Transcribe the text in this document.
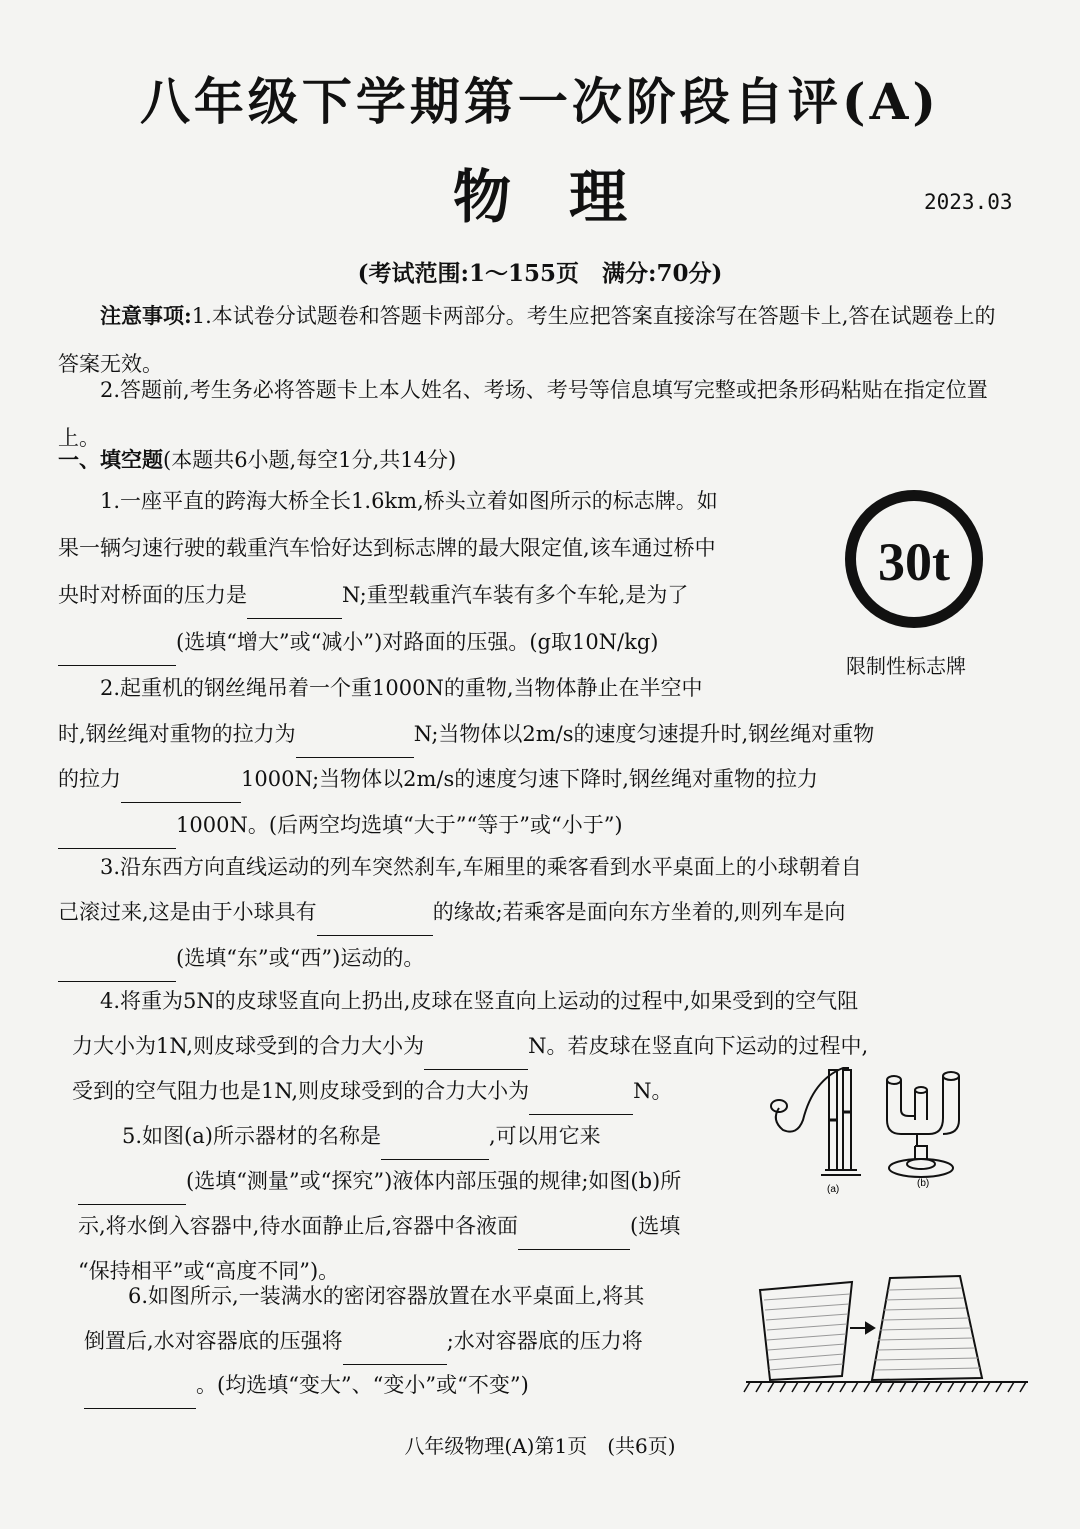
八年级下学期第一次阶段自评(A)
物　理	2023.03
(考试范围:1～155页　满分:70分)
注意事项:1.本试卷分试题卷和答题卡两部分。考生应把答案直接涂写在答题卡上,答在试题卷上的答案无效。
2.答题前,考生务必将答题卡上本人姓名、考场、考号等信息填写完整或把条形码粘贴在指定位置上。
一、填空题(本题共6小题,每空1分,共14分)
1.一座平直的跨海大桥全长1.6km,桥头立着如图所示的标志牌。如
果一辆匀速行驶的载重汽车恰好达到标志牌的最大限定值,该车通过桥中
央时对桥面的压力是	N;重型载重汽车装有多个车轮,是为了
(选填“增大”或“减小”)对路面的压强。(g取10N/kg)
30t
限制性标志牌
2.起重机的钢丝绳吊着一个重1000N的重物,当物体静止在半空中
时,钢丝绳对重物的拉力为	N;当物体以2m/s的速度匀速提升时,钢丝绳对重物
的拉力	1000N;当物体以2m/s的速度匀速下降时,钢丝绳对重物的拉力
1000N。(后两空均选填“大于”“等于”或“小于”)
3.沿东西方向直线运动的列车突然刹车,车厢里的乘客看到水平桌面上的小球朝着自
己滚过来,这是由于小球具有	的缘故;若乘客是面向东方坐着的,则列车是向
(选填“东”或“西”)运动的。
4.将重为5N的皮球竖直向上扔出,皮球在竖直向上运动的过程中,如果受到的空气阻
力大小为1N,则皮球受到的合力大小为	N。若皮球在竖直向下运动的过程中,
受到的空气阻力也是1N,则皮球受到的合力大小为	N。
5.如图(a)所示器材的名称是	,可以用它来
(选填“测量”或“探究”)液体内部压强的规律;如图(b)所
示,将水倒入容器中,待水面静止后,容器中各液面	(选填
“保持相平”或“高度不同”)。
(a)
(b)
6.如图所示,一装满水的密闭容器放置在水平桌面上,将其
倒置后,水对容器底的压强将	;水对容器底的压力将
。(均选填“变大”、“变小”或“不变”)
八年级物理(A)第1页　(共6页)
